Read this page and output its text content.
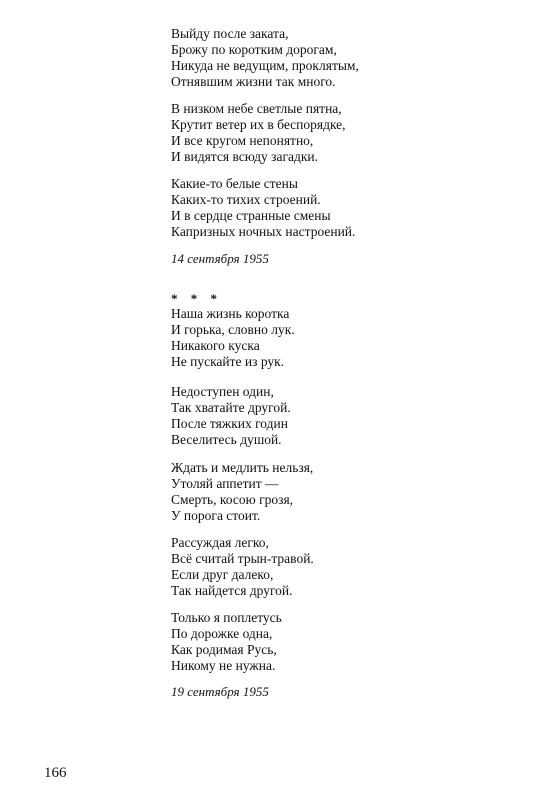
Выйду после заката,
Брожу по коротким дорогам,
Никуда не ведущим, проклятым,
Отнявшим жизни так много.
В низком небе светлые пятна,
Крутит ветер их в беспорядке,
И все кругом непонятно,
И видятся всюду загадки.
Какие-то белые стены
Каких-то тихих строений.
И в сердце странные смены
Капризных ночных настроений.
14 сентября 1955
* * *
Наша жизнь коротка
И горька, словно лук.
Никакого куска
Не пускайте из рук.
Недоступен один,
Так хватайте другой.
После тяжких годин
Веселитесь душой.
Ждать и медлить нельзя,
Утоляй аппетит —
Смерть, косою грозя,
У порога стоит.
Рассуждая легко,
Всё считай трын-травой.
Если друг далеко,
Так найдется другой.
Только я поплетусь
По дорожке одна,
Как родимая Русь,
Никому не нужна.
19 сентября 1955
166
